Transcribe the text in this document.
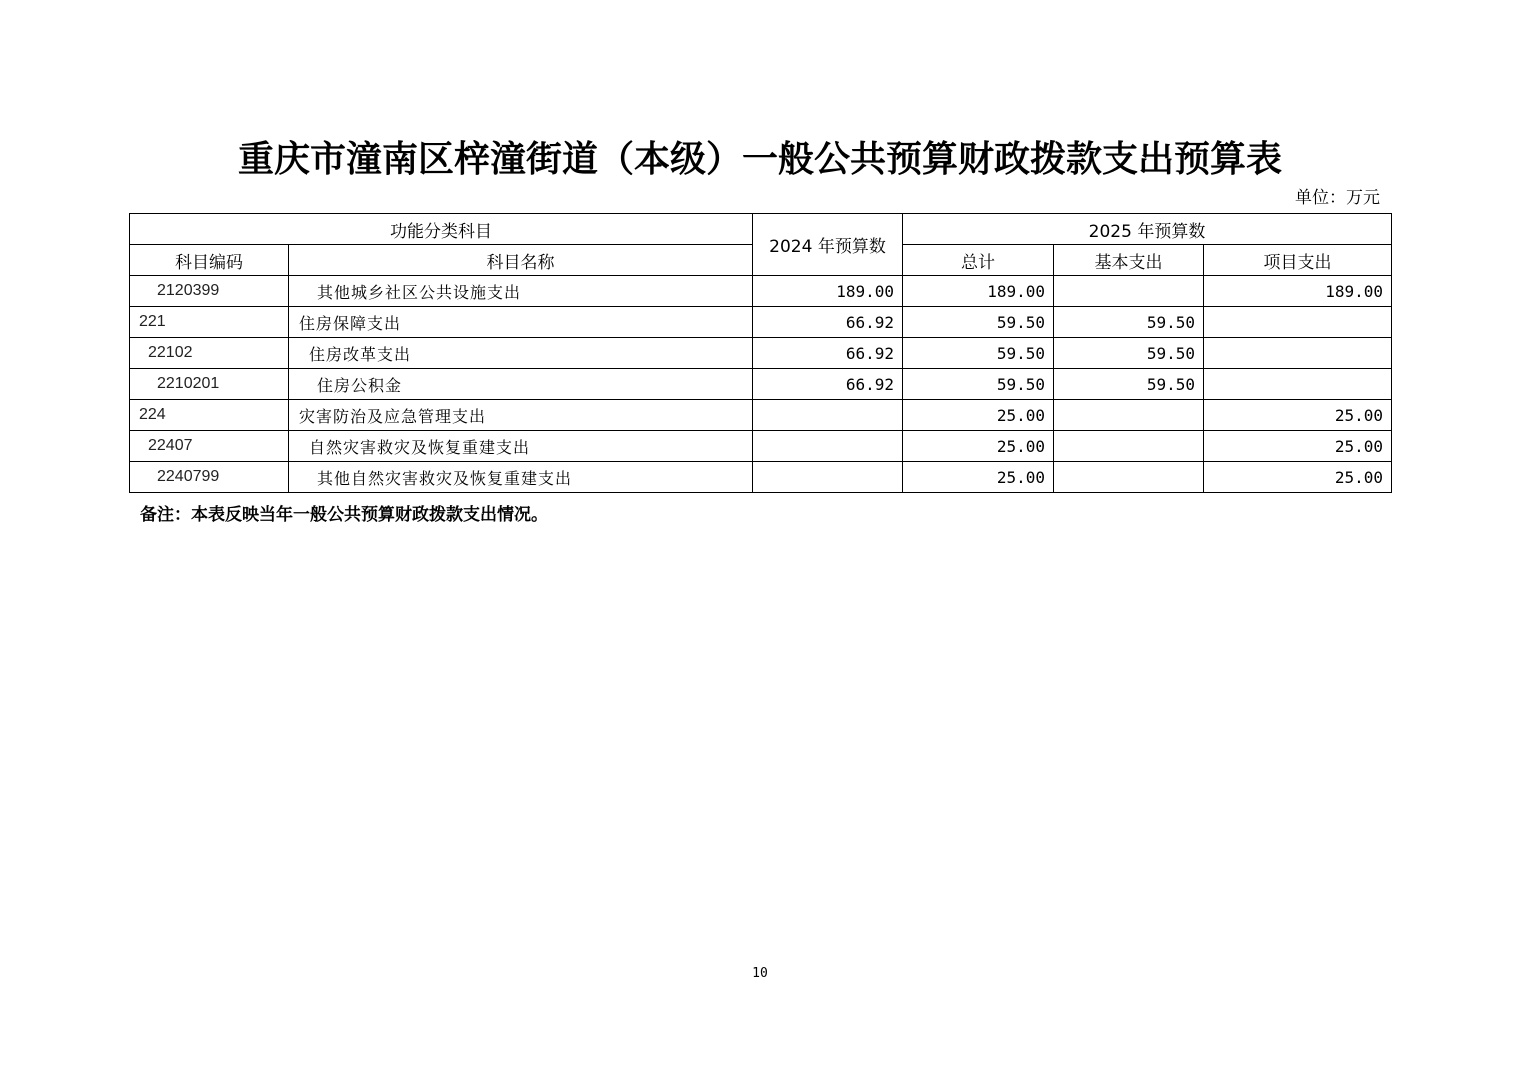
重庆市潼南区梓潼街道（本级）一般公共预算财政拨款支出预算表
单位：万元
功能分类科目		2024 年预算数	2025 年预算数		
科目编码	科目名称		总计	基本支出	项目支出
2120399	其他城乡社区公共设施支出	189.00	189.00		189.00
221	住房保障支出	66.92	59.50	59.50	
22102	住房改革支出	66.92	59.50	59.50	
2210201	住房公积金	66.92	59.50	59.50	
224	灾害防治及应急管理支出		25.00		25.00
22407	自然灾害救灾及恢复重建支出		25.00		25.00
2240799	其他自然灾害救灾及恢复重建支出		25.00		25.00
备注：本表反映当年一般公共预算财政拨款支出情况。
10
